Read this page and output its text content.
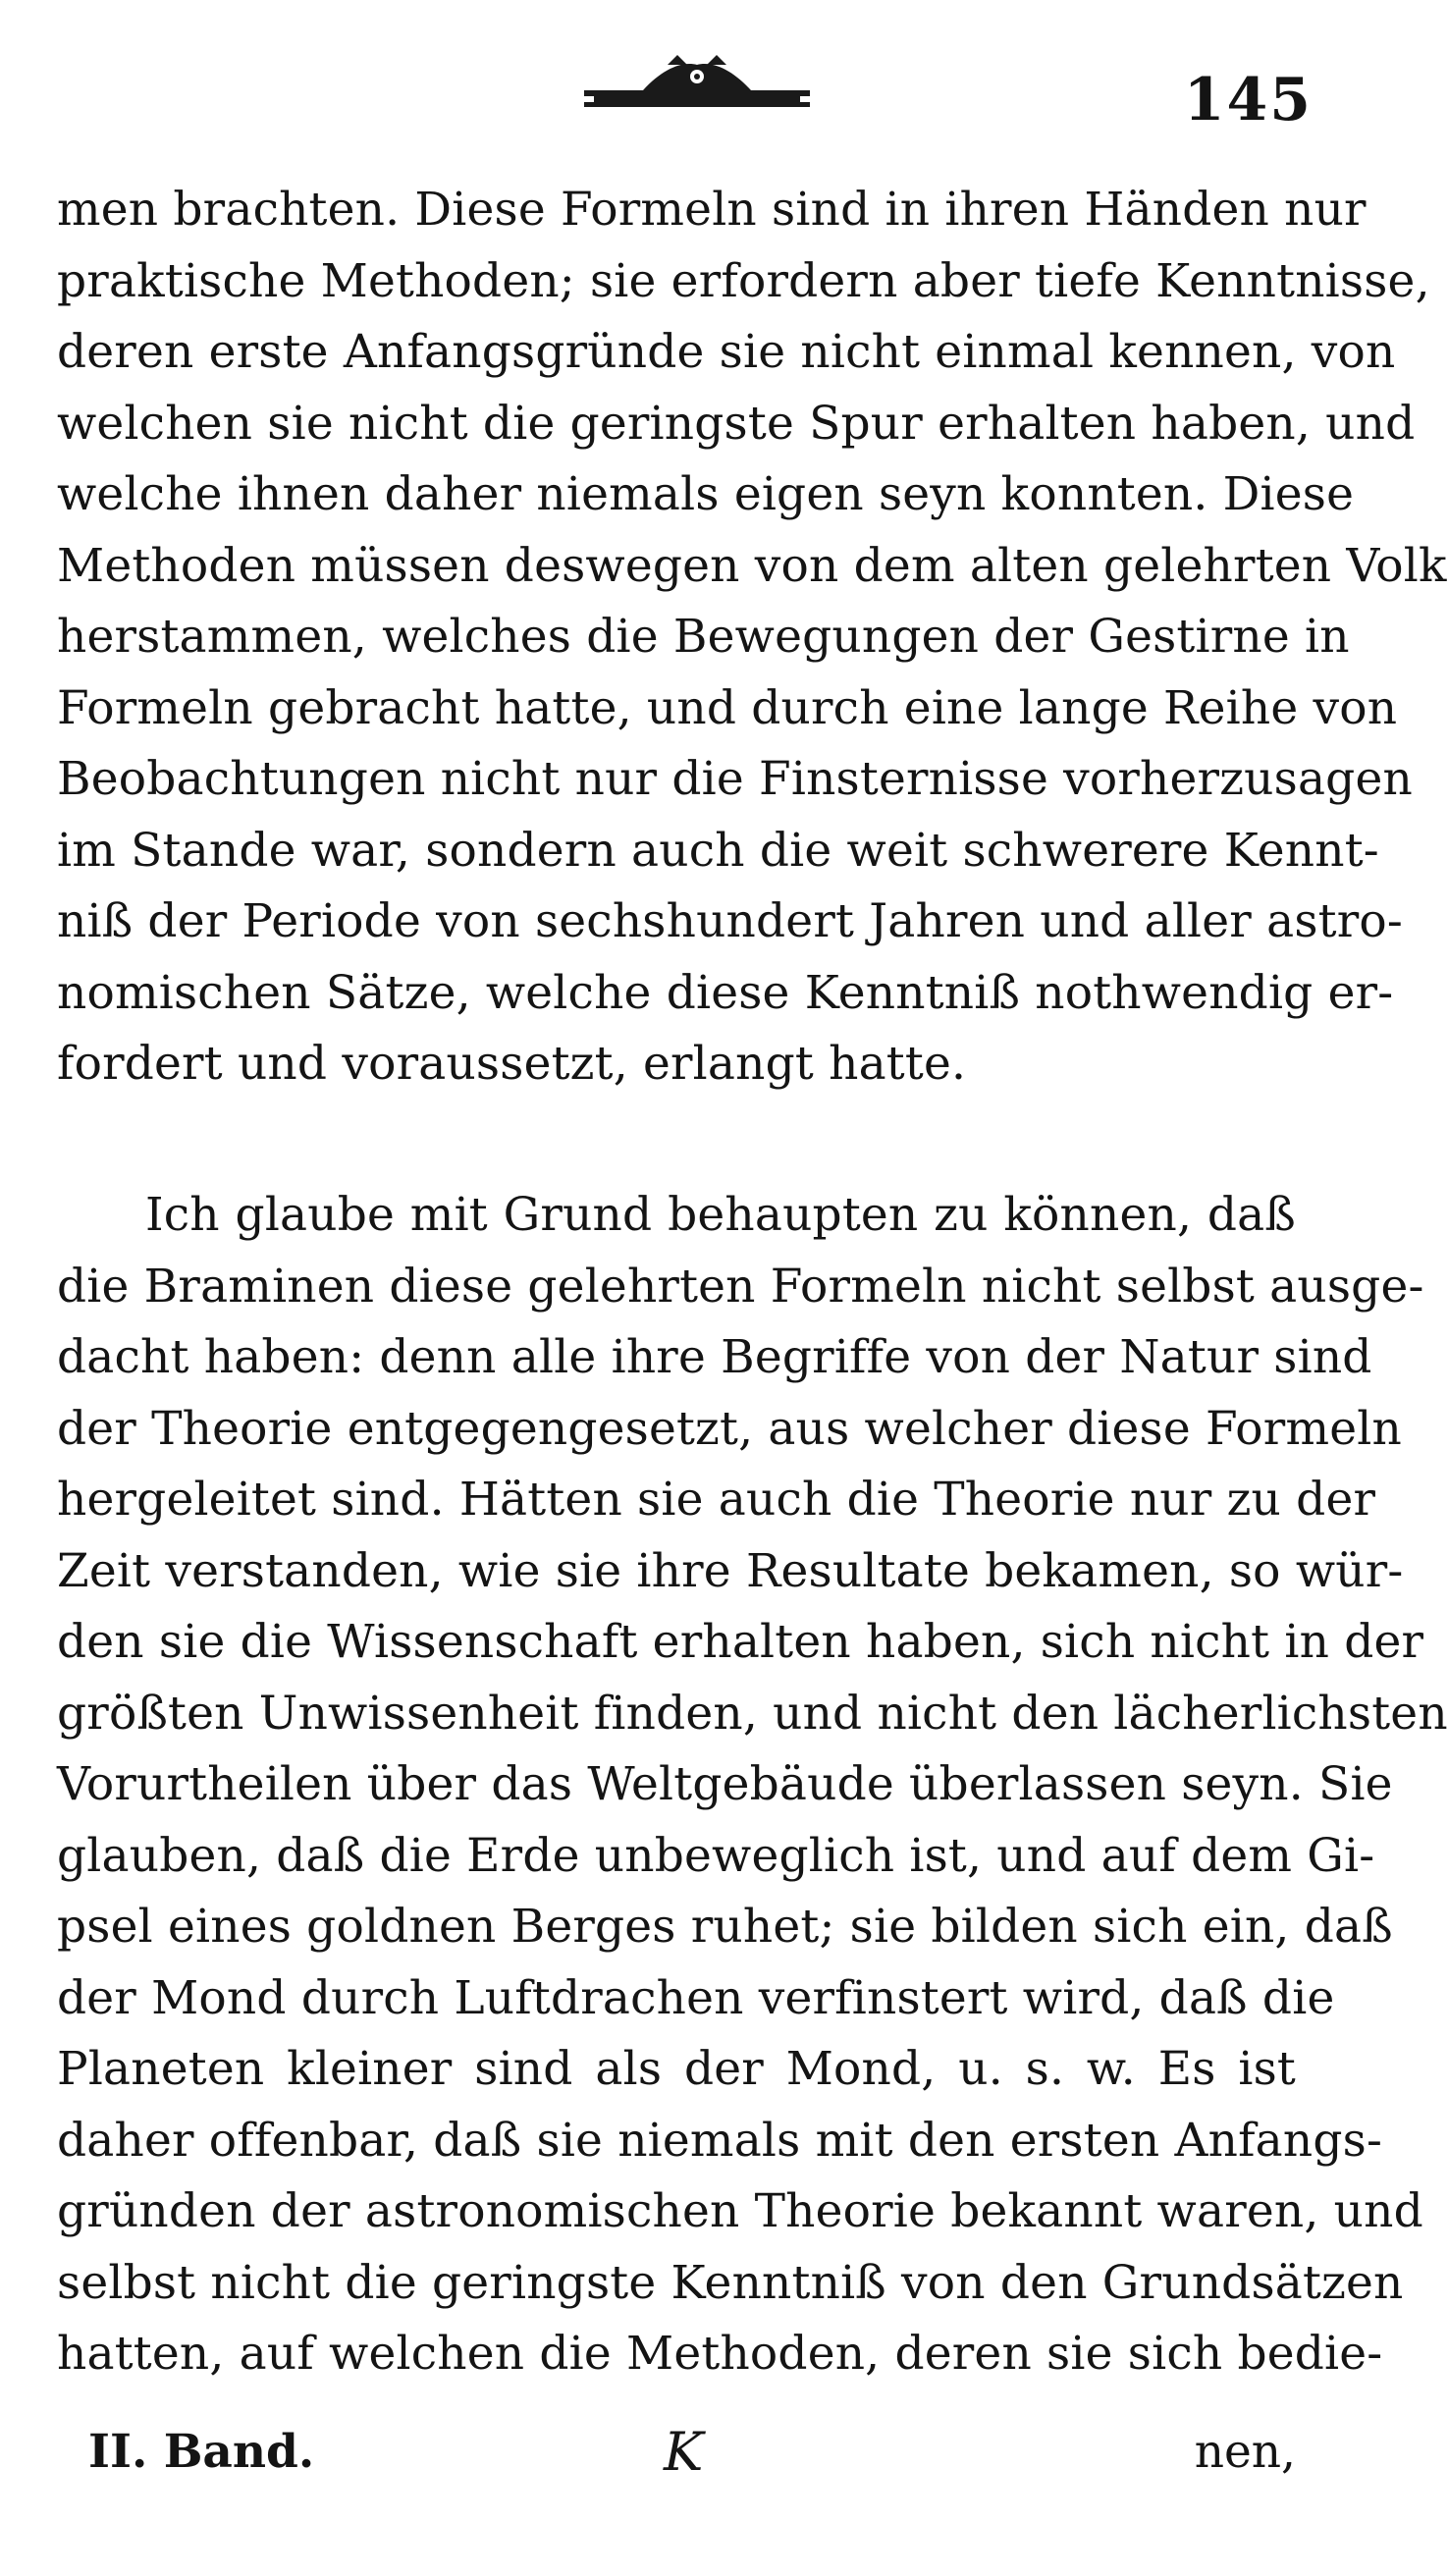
145
men brachten. Diese Formeln sind in ihren Händen nur
praktische Methoden; sie erfordern aber tiefe Kenntnisse,
deren erste Anfangsgründe sie nicht einmal kennen, von
welchen sie nicht die geringste Spur erhalten haben, und
welche ihnen daher niemals eigen seyn konnten. Diese
Methoden müssen deswegen von dem alten gelehrten Volk
herstammen, welches die Bewegungen der Gestirne in
Formeln gebracht hatte, und durch eine lange Reihe von
Beobachtungen nicht nur die Finsternisse vorherzusagen
im Stande war, sondern auch die weit schwerere Kennt-
niß der Periode von sechshundert Jahren und aller astro-
nomischen Sätze, welche diese Kenntniß nothwendig er-
fordert und voraussetzt, erlangt hatte.
Ich glaube mit Grund behaupten zu können, daß
die Braminen diese gelehrten Formeln nicht selbst ausge-
dacht haben: denn alle ihre Begriffe von der Natur sind
der Theorie entgegengesetzt, aus welcher diese Formeln
hergeleitet sind. Hätten sie auch die Theorie nur zu der
Zeit verstanden, wie sie ihre Resultate bekamen, so wür-
den sie die Wissenschaft erhalten haben, sich nicht in der
größten Unwissenheit finden, und nicht den lächerlichsten
Vorurtheilen über das Weltgebäude überlassen seyn. Sie
glauben, daß die Erde unbeweglich ist, und auf dem Gi-
psel eines goldnen Berges ruhet; sie bilden sich ein, daß
der Mond durch Luftdrachen verfinstert wird, daß die
Planeten kleiner sind als der Mond, u. s. w. Es ist
daher offenbar, daß sie niemals mit den ersten Anfangs-
gründen der astronomischen Theorie bekannt waren, und
selbst nicht die geringste Kenntniß von den Grundsätzen
hatten, auf welchen die Methoden, deren sie sich bedie-
II. Band.	K	nen,
